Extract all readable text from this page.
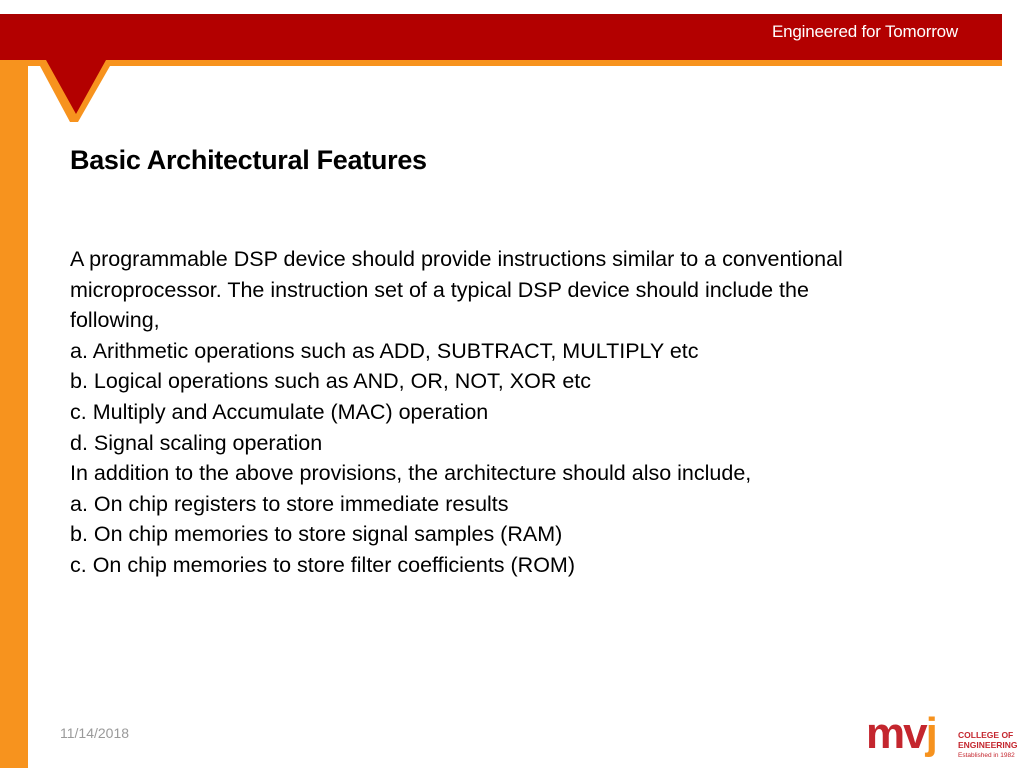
Engineered for Tomorrow
Basic Architectural Features
A programmable DSP device should provide instructions similar to a conventional
microprocessor. The instruction set of a typical DSP device should include the
following,
a. Arithmetic operations such as ADD, SUBTRACT, MULTIPLY etc
b. Logical operations such as AND, OR, NOT, XOR etc
c. Multiply and Accumulate (MAC) operation
d. Signal scaling operation
In addition to the above provisions, the architecture should also include,
a. On chip registers to store immediate results
b. On chip memories to store signal samples (RAM)
c. On chip memories to store filter coefficients (ROM)
11/14/2018	mvj	COLLEGE OF
ENGINEERING
Established in 1982
